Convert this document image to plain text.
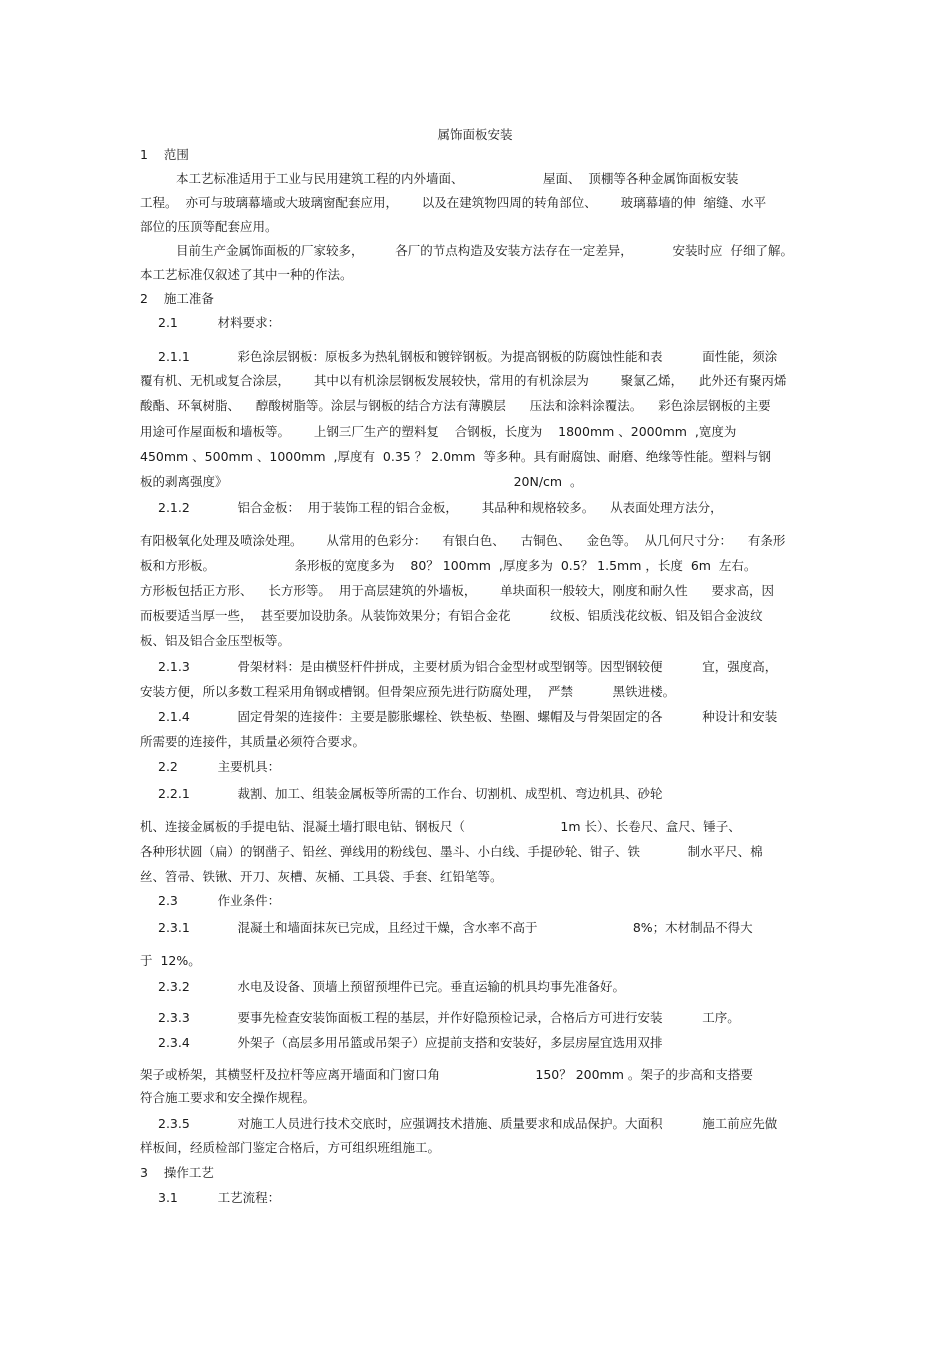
属饰面板安装
1    范围
本工艺标准适用于工业与民用建筑工程的内外墙面、                    屋面、  顶棚等各种金属饰面板安装
工程。  亦可与玻璃幕墙或大玻璃窗配套应用，      以及在建筑物四周的转角部位、      玻璃幕墙的伸  缩缝、水平
部位的压顶等配套应用。
目前生产金属饰面板的厂家较多，        各厂的节点构造及安装方法存在一定差异，          安装时应  仔细了解。
本工艺标准仅叙述了其中一种的作法。
2    施工准备
2.1          材料要求：
2.1.1            彩色涂层钢板：原板多为热轧钢板和镀锌钢板。为提高钢板的防腐蚀性能和表          面性能，须涂
覆有机、无机或复合涂层，      其中以有机涂层钢板发展较快，常用的有机涂层为        聚氯乙烯，    此外还有聚丙烯
酸酯、环氧树脂、    醇酸树脂等。涂层与钢板的结合方法有薄膜层      压法和涂料涂覆法。    彩色涂层钢板的主要
用途可作屋面板和墙板等。      上钢三厂生产的塑料复    合钢板，长度为    1800mm 、2000mm  ,宽度为
450mm 、500mm 、1000mm  ,厚度有  0.35 ？ 2.0mm  等多种。具有耐腐蚀、耐磨、绝缘等性能。塑料与钢
板的剥离强度》                                                                        20N/cm  。
2.1.2            铝合金板：  用于装饰工程的铝合金板，      其品种和规格较多。    从表面处理方法分，
有阳极氧化处理及喷涂处理。      从常用的色彩分：    有银白色、    古铜色、    金色等。  从几何尺寸分：    有条形
板和方形板。                    条形板的宽度多为    80？ 100mm  ,厚度多为  0.5？ 1.5mm ，长度  6m  左右。
方形板包括正方形、    长方形等。  用于高层建筑的外墙板，      单块面积一般较大，刚度和耐久性      要求高，因
而板要适当厚一些，  甚至要加设肋条。从装饰效果分；有铝合金花          纹板、铝质浅花纹板、铝及铝合金波纹
板、铝及铝合金压型板等。
2.1.3            骨架材料：是由横竖杆件拼成，主要材质为铝合金型材或型钢等。因型钢较便          宜，强度高，
安装方便，所以多数工程采用角钢或槽钢。但骨架应预先进行防腐处理，  严禁          黑铁进楼。
2.1.4            固定骨架的连接件：主要是膨胀螺栓、铁垫板、垫圈、螺帽及与骨架固定的各          种设计和安装
所需要的连接件，其质量必须符合要求。
2.2          主要机具：
2.2.1            裁割、加工、组装金属板等所需的工作台、切割机、成型机、弯边机具、砂轮
机、连接金属板的手提电钻、混凝土墙打眼电钻、钢板尺（                        1m 长）、长卷尺、盒尺、锤子、
各种形状圆（扁）的钢凿子、铅丝、弹线用的粉线包、墨斗、小白线、手提砂轮、钳子、铁            制水平尺、棉
丝、笤帚、铁锹、开刀、灰槽、灰桶、工具袋、手套、红铅笔等。
2.3          作业条件：
2.3.1            混凝土和墙面抹灰已完成，且经过干燥，含水率不高于                        8%；木材制品不得大
于  12%。
2.3.2            水电及设备、顶墙上预留预埋件已完。垂直运输的机具均事先准备好。
2.3.3            要事先检查安装饰面板工程的基层，并作好隐预检记录，合格后方可进行安装          工序。
2.3.4            外架子（高层多用吊篮或吊架子）应提前支搭和安装好，多层房屋宜选用双排
架子或桥架，其横竖杆及拉杆等应离开墙面和门窗口角                        150？ 200mm 。架子的步高和支搭要
符合施工要求和安全操作规程。
2.3.5            对施工人员进行技术交底时，应强调技术措施、质量要求和成品保护。大面积          施工前应先做
样板间，经质检部门鉴定合格后，方可组织班组施工。
3    操作工艺
3.1          工艺流程：
